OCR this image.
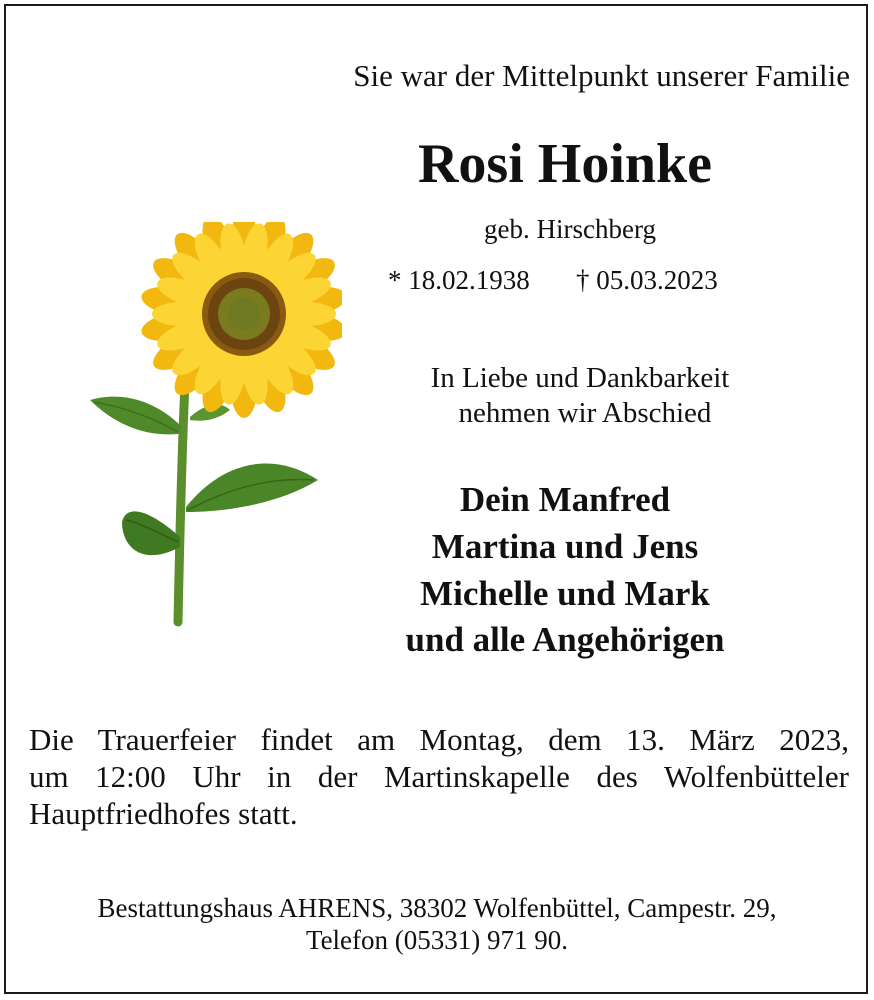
Sie war der Mittelpunkt unserer Familie

Rosi Hoinke

geb. Hirschberg

* 18.02.1938 † 05.03.2023

In Liebe und Dankbarkeit

nehmen wir Abschied

Dein Manfred

Martina und Jens

Michelle und Mark

und alle Angehörigen

Die Trauerfeier findet am Montag, dem 13. März 2023,

um 12:00 Uhr in der Martinskapelle des Wolfenbütteler

Hauptfriedhofes statt.

Bestattungshaus AHRENS, 38302 Wolfenbüttel, Campestr. 29,

Telefon (05331) 971 90.
